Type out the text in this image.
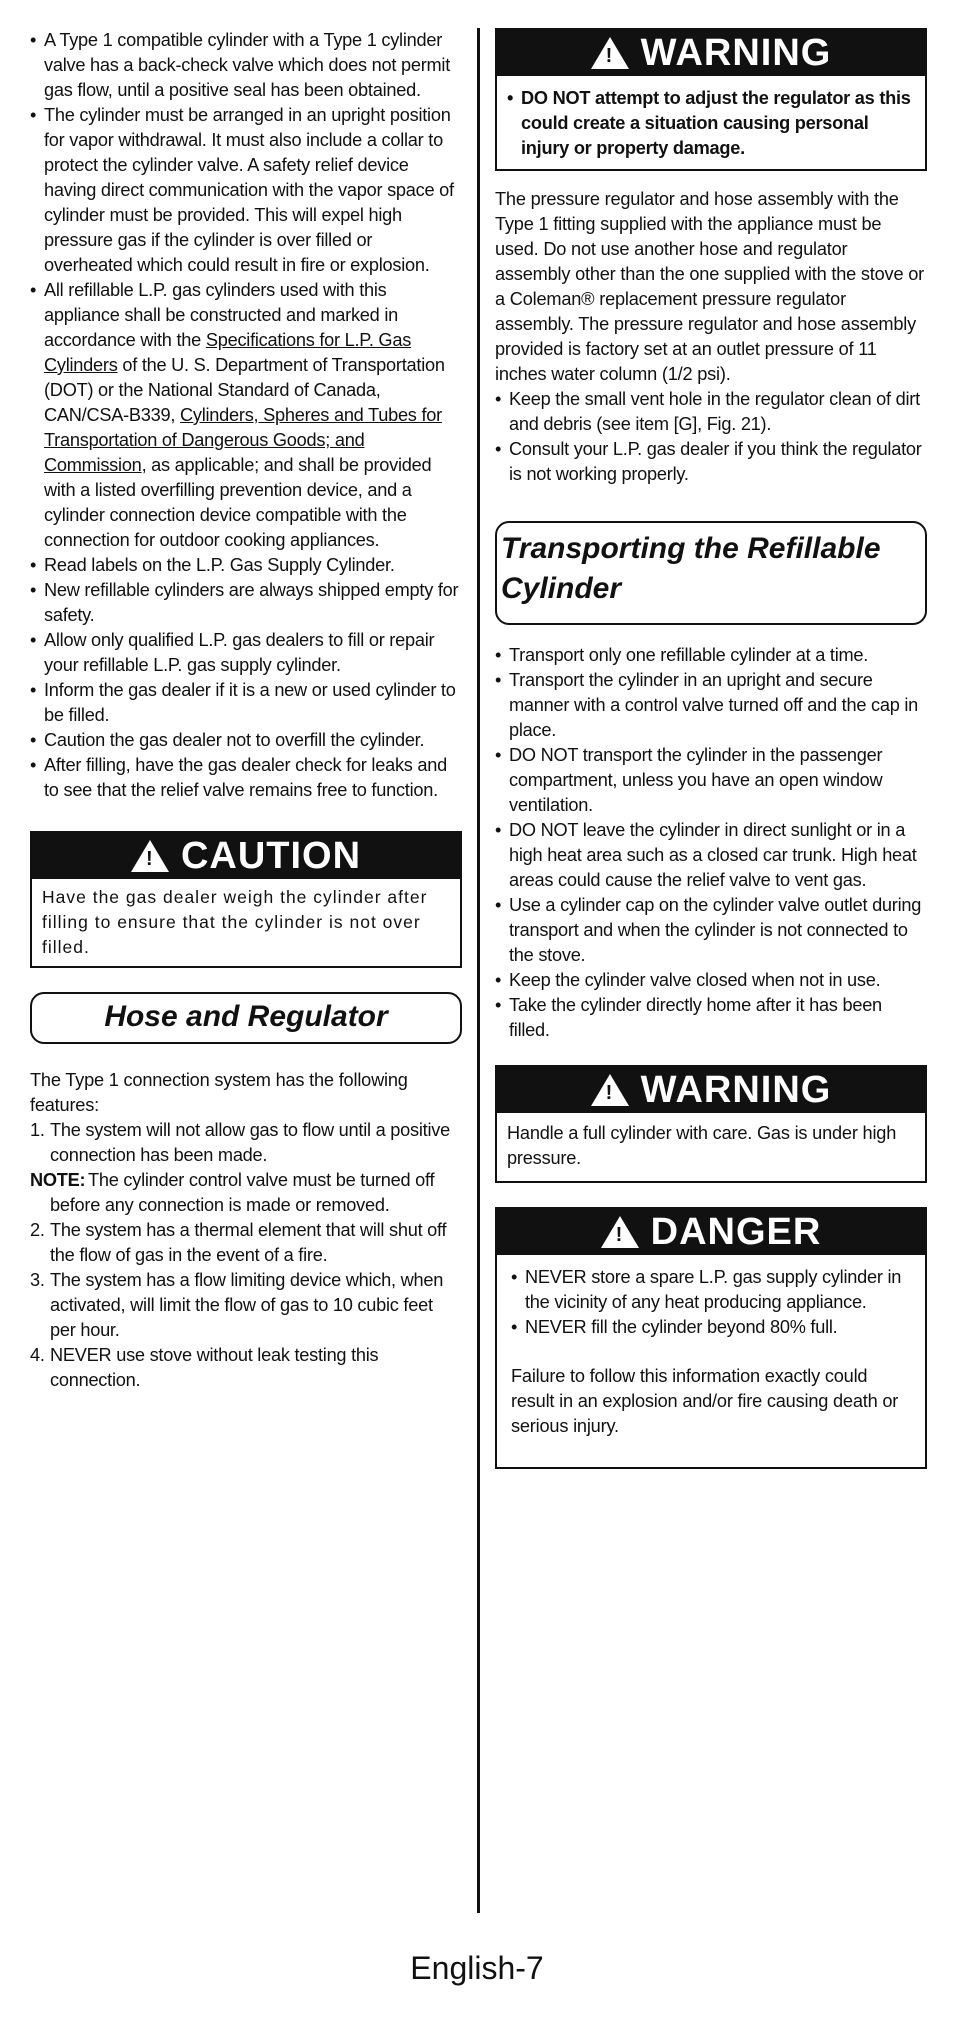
• A Type 1 compatible cylinder with a Type 1 cylinder valve has a back-check valve which does not permit gas flow, until a positive seal has been obtained.
• The cylinder must be arranged in an upright position for vapor withdrawal. It must also include a collar to protect the cylinder valve. A safety relief device having direct communication with the vapor space of cylinder must be provided. This will expel high pressure gas if the cylinder is over filled or overheated which could result in fire or explosion.
• All refillable L.P. gas cylinders used with this appliance shall be constructed and marked in accordance with the Specifications for L.P. Gas Cylinders of the U. S. Department of Transportation (DOT) or the National Standard of Canada, CAN/CSA-B339, Cylinders, Spheres and Tubes for Transportation of Dangerous Goods; and Commission, as applicable; and shall be provided with a listed overfilling prevention device, and a cylinder connection device compatible with the connection for outdoor cooking appliances.
• Read labels on the L.P. Gas Supply Cylinder.
• New refillable cylinders are always shipped empty for safety.
• Allow only qualified L.P. gas dealers to fill or repair your refillable L.P. gas supply cylinder.
• Inform the gas dealer if it is a new or used cylinder to be filled.
• Caution the gas dealer not to overfill the cylinder.
• After filling, have the gas dealer check for leaks and to see that the relief valve remains free to function.
! CAUTION
Have the gas dealer weigh the cylinder after filling to ensure that the cylinder is not over filled.
Hose and Regulator
The Type 1 connection system has the following features:
1. The system will not allow gas to flow until a positive connection has been made.
NOTE: The cylinder control valve must be turned off before any connection is made or removed.
2. The system has a thermal element that will shut off the flow of gas in the event of a fire.
3. The system has a flow limiting device which, when activated, will limit the flow of gas to 10 cubic feet per hour.
4. NEVER use stove without leak testing this connection.
! WARNING
• DO NOT attempt to adjust the regulator as this could create a situation causing personal injury or property damage.
The pressure regulator and hose assembly with the Type 1 fitting supplied with the appliance must be used. Do not use another hose and regulator assembly other than the one supplied with the stove or a Coleman® replacement pressure regulator assembly. The pressure regulator and hose assembly provided is factory set at an outlet pressure of 11 inches water column (1/2 psi).
• Keep the small vent hole in the regulator clean of dirt and debris (see item [G], Fig. 21).
• Consult your L.P. gas dealer if you think the regulator is not working properly.
Transporting the Refillable Cylinder
• Transport only one refillable cylinder at a time.
• Transport the cylinder in an upright and secure manner with a control valve turned off and the cap in place.
• DO NOT transport the cylinder in the passenger compartment, unless you have an open window ventilation.
• DO NOT leave the cylinder in direct sunlight or in a high heat area such as a closed car trunk. High heat areas could cause the relief valve to vent gas.
• Use a cylinder cap on the cylinder valve outlet during transport and when the cylinder is not connected to the stove.
• Keep the cylinder valve closed when not in use.
• Take the cylinder directly home after it has been filled.
! WARNING
Handle a full cylinder with care. Gas is under high pressure.
! DANGER
• NEVER store a spare L.P. gas supply cylinder in the vicinity of any heat producing appliance.
• NEVER fill the cylinder beyond 80% full.
Failure to follow this information exactly could result in an explosion and/or fire causing death or serious injury.
English-7
